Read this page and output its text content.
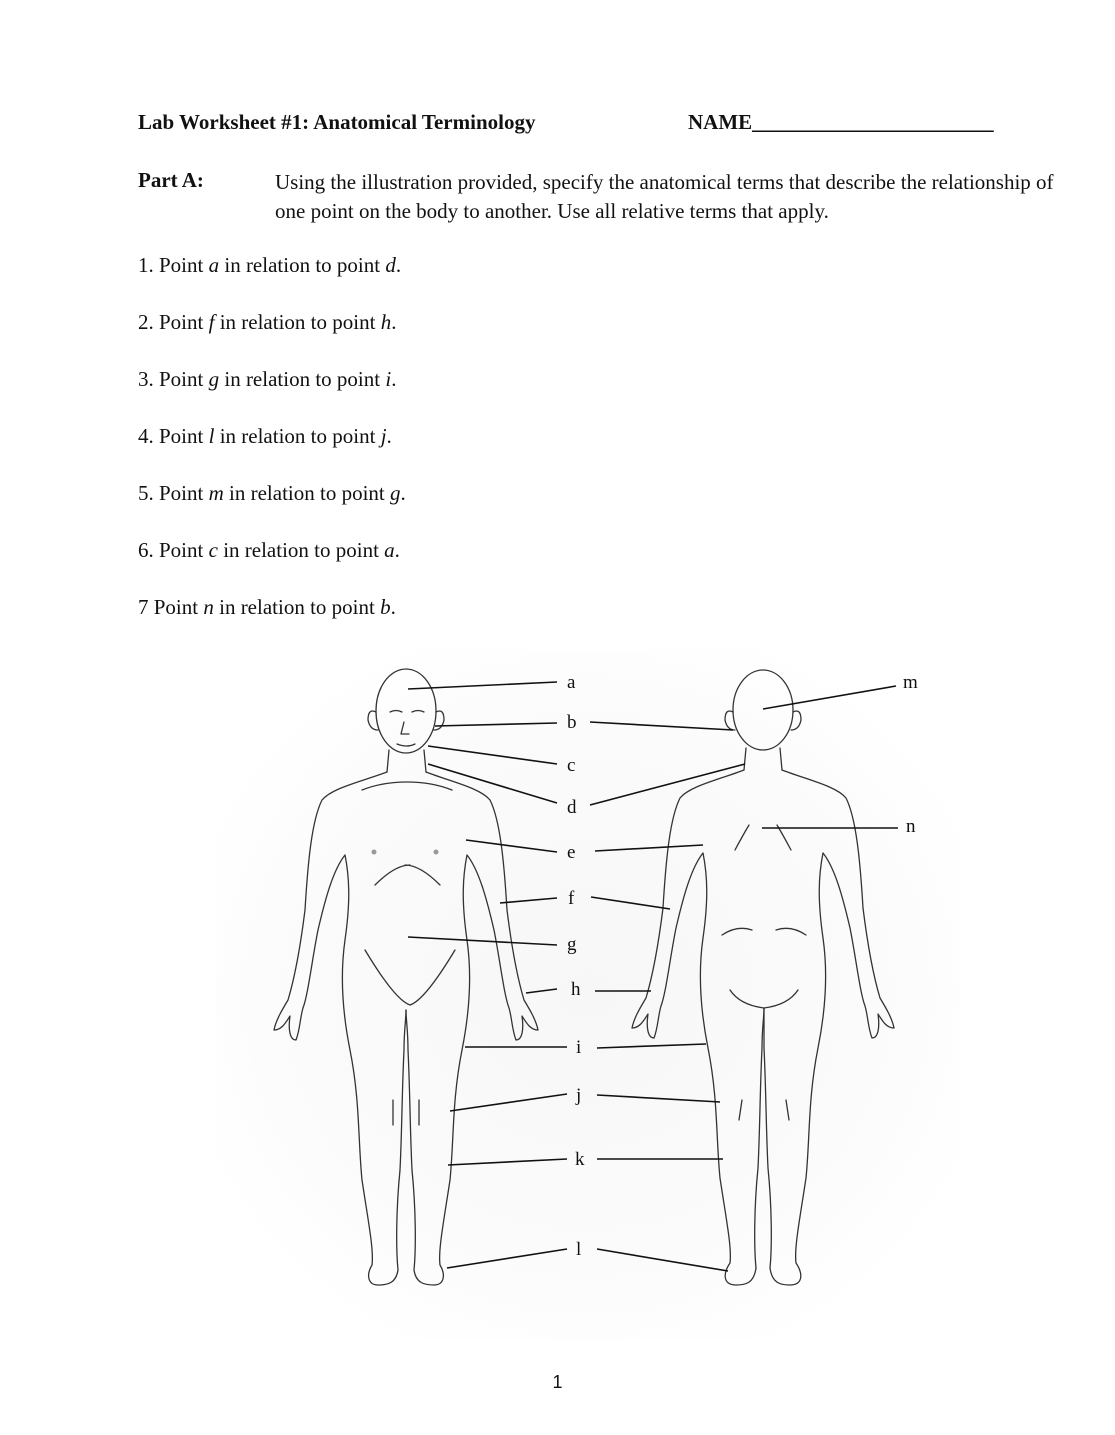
Lab Worksheet #1: Anatomical Terminology	NAME_______________________
Part A:	Using the illustration provided, specify the anatomical terms that describe the relationship of one point on the body to another. Use all relative terms that apply.
1. Point a in relation to point d.
2. Point f in relation to point h.
3. Point g in relation to point i.
4. Point l in relation to point j.
5. Point m in relation to point g.
6. Point c in relation to point a.
7 Point n in relation to point b.
a
b
c
d
e
f
g
h
i
j
k
l
m
n
1
